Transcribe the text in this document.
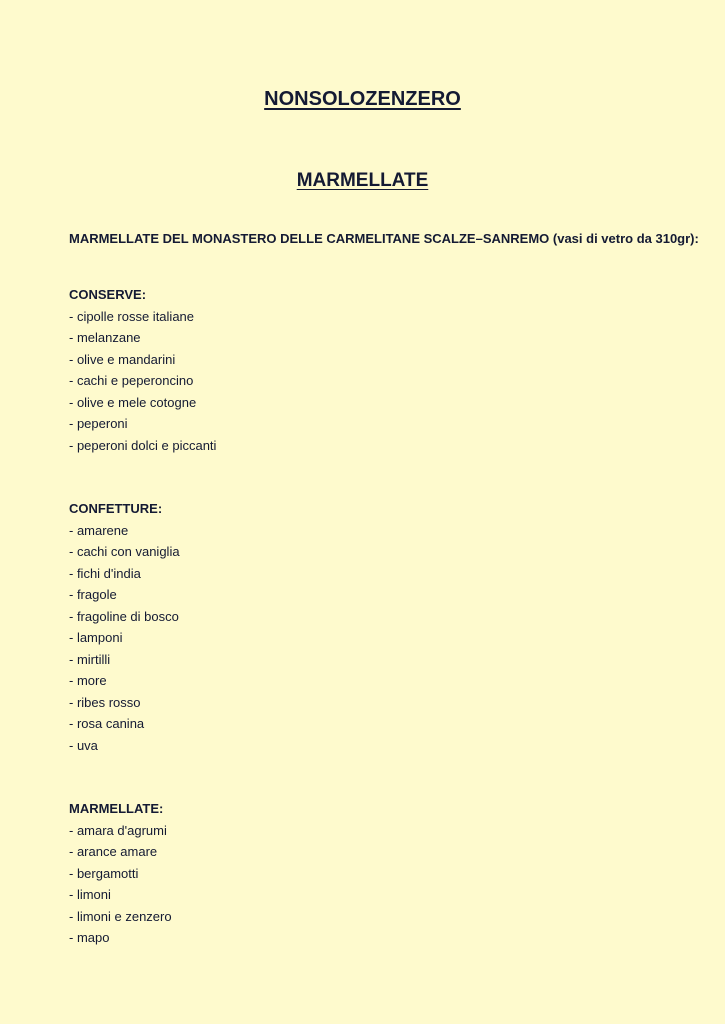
NONSOLOZENZERO
MARMELLATE

MARMELLATE DEL MONASTERO DELLE CARMELITANE SCALZE–SANREMO (vasi di vetro da 310gr):

CONSERVE:

- cipolle rosse italiane
- melanzane
- olive e mandarini
- cachi e peperoncino
- olive e mele cotogne
- peperoni
- peperoni dolci e piccanti

CONFETTURE:

- amarene
- cachi con vaniglia
- fichi d'india
- fragole
- fragoline di bosco
- lamponi
- mirtilli
- more
- ribes rosso
- rosa canina
- uva

MARMELLATE:

- amara d'agrumi
- arance amare
- bergamotti
- limoni
- limoni e zenzero
- mapo
